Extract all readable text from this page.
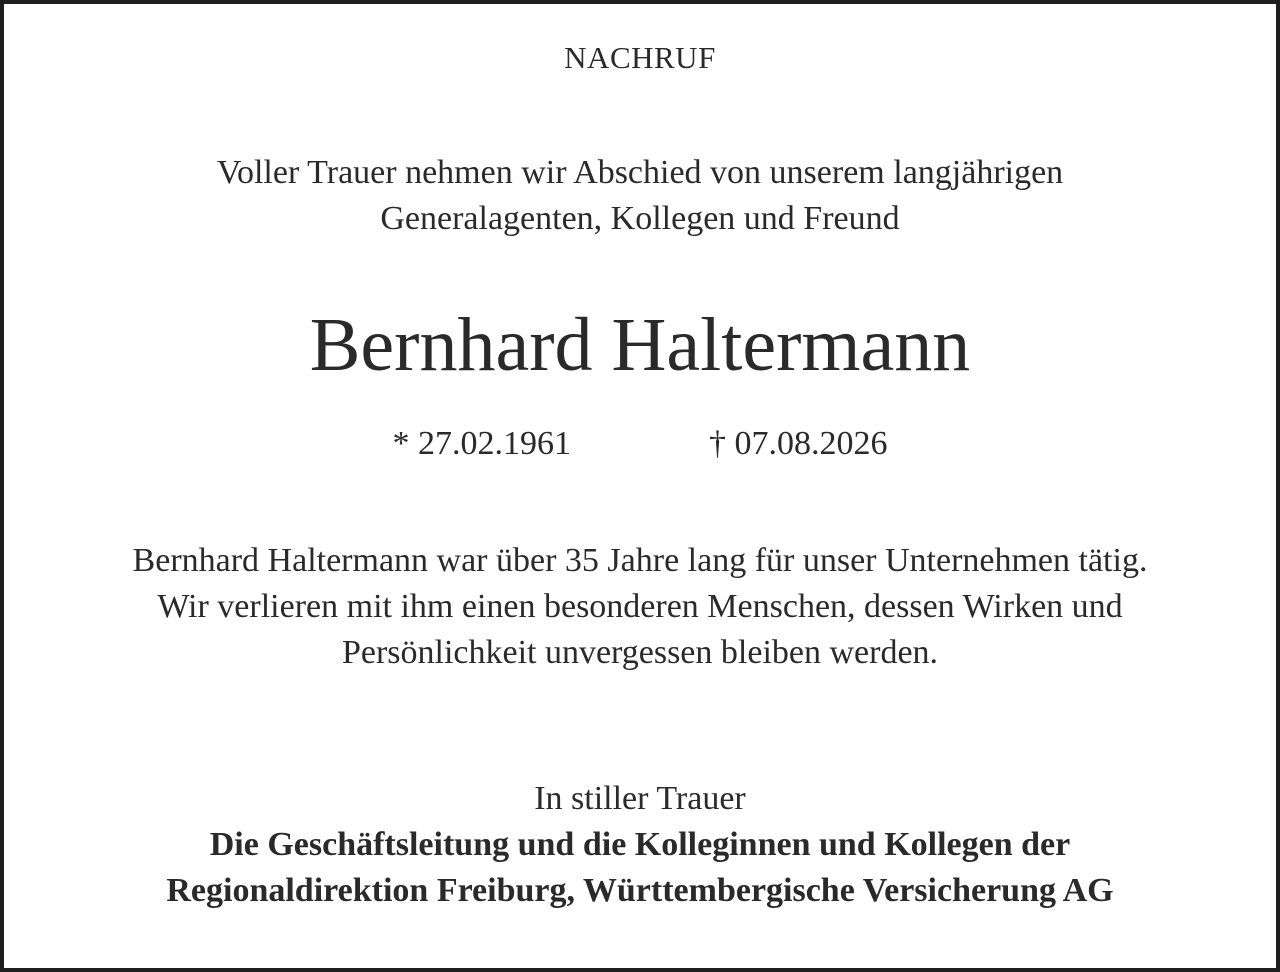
NACHRUF
Voller Trauer nehmen wir Abschied von unserem langjährigen
Generalagenten, Kollegen und Freund
Bernhard Haltermann
* 27.02.1961	† 07.08.2026
Bernhard Haltermann war über 35 Jahre lang für unser Unternehmen tätig.
Wir verlieren mit ihm einen besonderen Menschen, dessen Wirken und
Persönlichkeit unvergessen bleiben werden.
In stiller Trauer
Die Geschäftsleitung und die Kolleginnen und Kollegen der
Regionaldirektion Freiburg, Württembergische Versicherung AG
